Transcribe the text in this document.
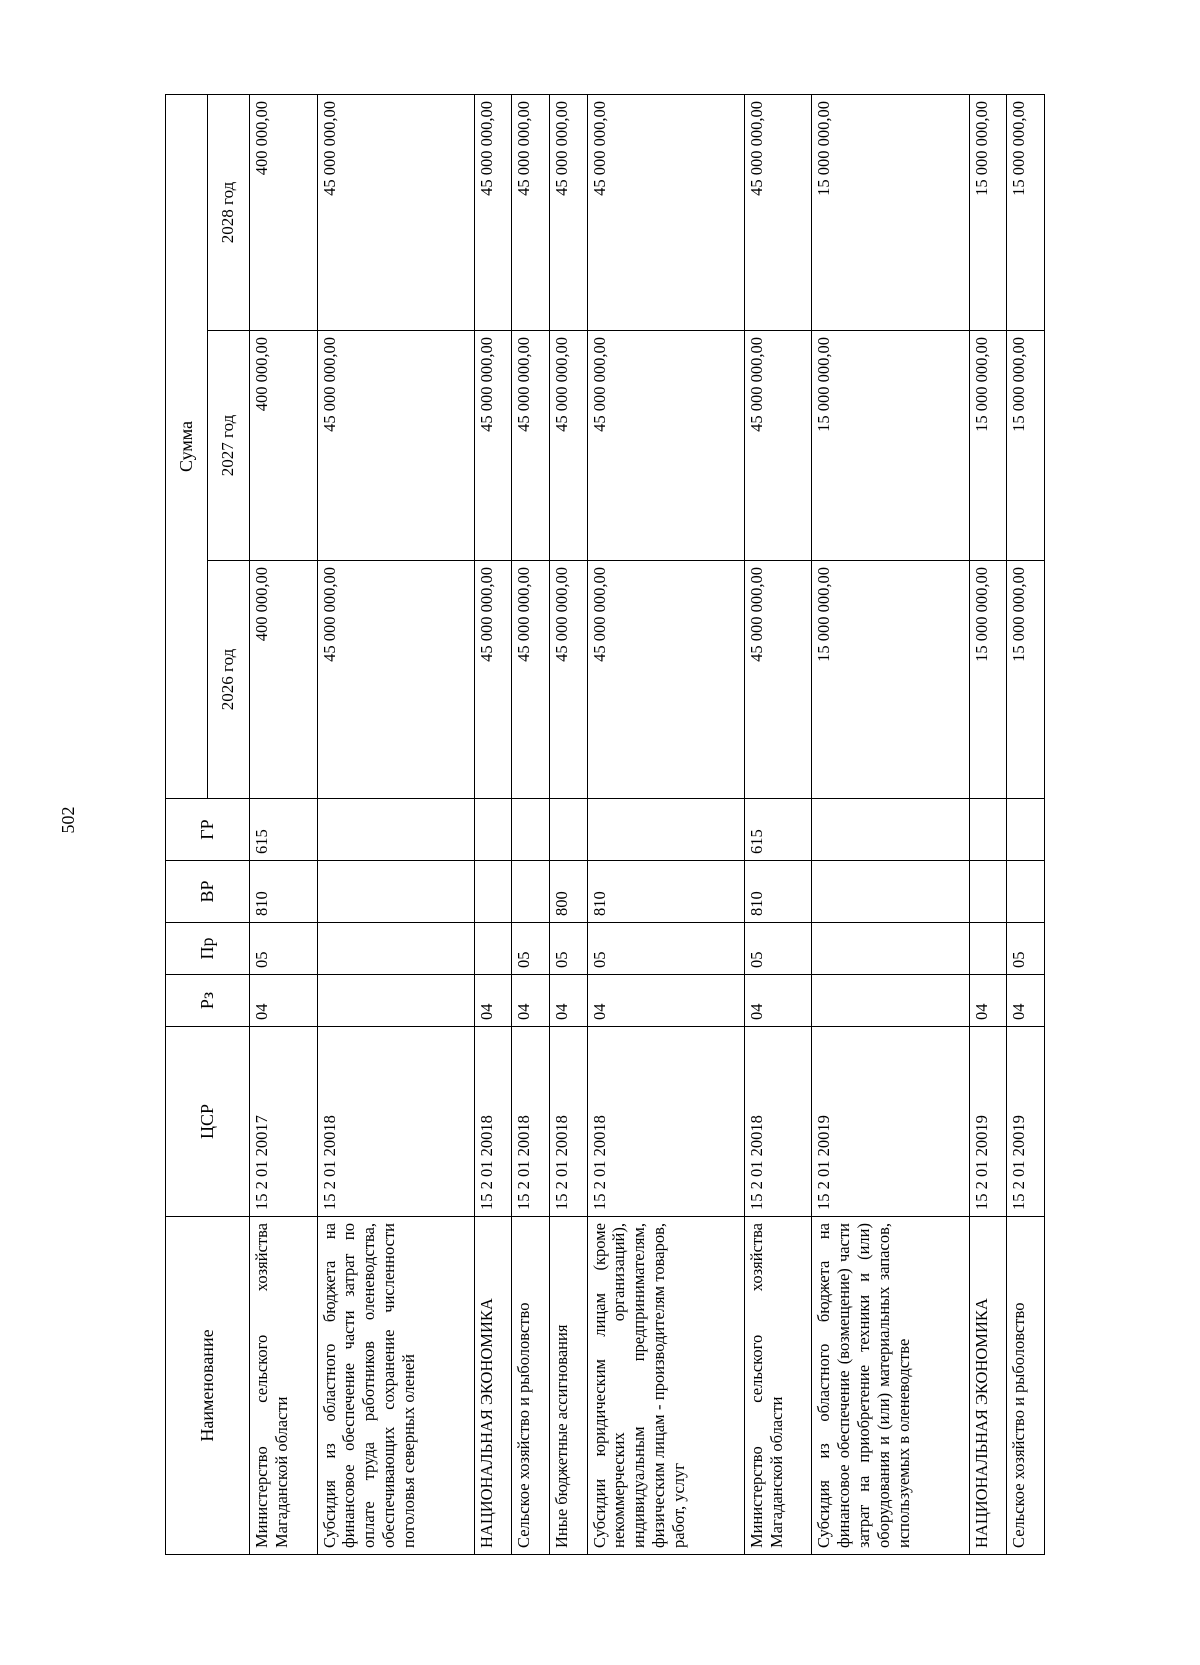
502
Наименование	ЦСР	Рз	Пр	ВР	ГР	Сумма		
						2026 год	2027 год	2028 год
Министерство сельского хозяйства Магаданской области	15 2 01 20017	04	05	810	615	400 000,00	400 000,00	400 000,00
Субсидия из областного бюджета на финансовое обеспечение части затрат по оплате труда работников оленеводства, обеспечивающих сохранение численности поголовья северных оленей	15 2 01 20018					45 000 000,00	45 000 000,00	45 000 000,00
НАЦИОНАЛЬНАЯ ЭКОНОМИКА	15 2 01 20018	04				45 000 000,00	45 000 000,00	45 000 000,00
Сельское хозяйство и рыболовство	15 2 01 20018	04	05			45 000 000,00	45 000 000,00	45 000 000,00
Иные бюджетные ассигнования	15 2 01 20018	04	05	800		45 000 000,00	45 000 000,00	45 000 000,00
Субсидии юридическим лицам (кроме некоммерческих организаций), индивидуальным предпринимателям, физическим лицам - производителям товаров, работ, услуг	15 2 01 20018	04	05	810		45 000 000,00	45 000 000,00	45 000 000,00
Министерство сельского хозяйства Магаданской области	15 2 01 20018	04	05	810	615	45 000 000,00	45 000 000,00	45 000 000,00
Субсидия из областного бюджета на финансовое обеспечение (возмещение) части затрат на приобретение техники и (или) оборудования и (или) материальных запасов, используемых в оленеводстве	15 2 01 20019					15 000 000,00	15 000 000,00	15 000 000,00
НАЦИОНАЛЬНАЯ ЭКОНОМИКА	15 2 01 20019	04				15 000 000,00	15 000 000,00	15 000 000,00
Сельское хозяйство и рыболовство	15 2 01 20019	04	05			15 000 000,00	15 000 000,00	15 000 000,00
